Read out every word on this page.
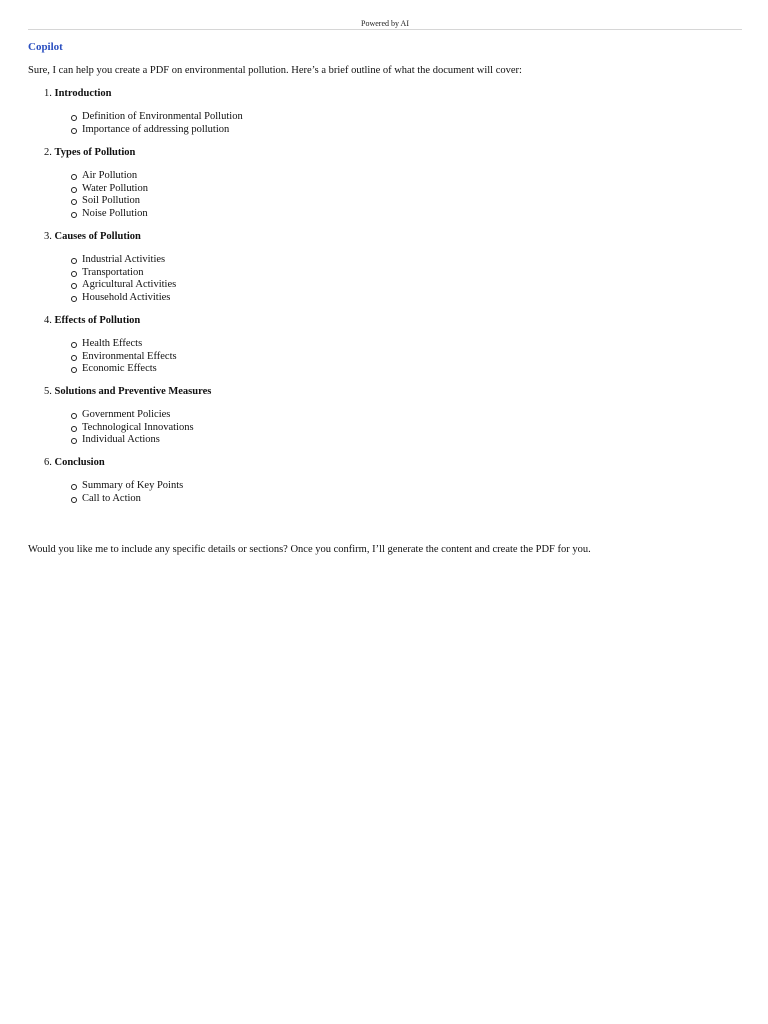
Powered by AI
Copilot
Sure, I can help you create a PDF on environmental pollution. Here’s a brief outline of what the document will cover:
1. Introduction
Definition of Environmental Pollution
Importance of addressing pollution
2. Types of Pollution
Air Pollution
Water Pollution
Soil Pollution
Noise Pollution
3. Causes of Pollution
Industrial Activities
Transportation
Agricultural Activities
Household Activities
4. Effects of Pollution
Health Effects
Environmental Effects
Economic Effects
5. Solutions and Preventive Measures
Government Policies
Technological Innovations
Individual Actions
6. Conclusion
Summary of Key Points
Call to Action
Would you like me to include any specific details or sections? Once you confirm, I’ll generate the content and create the PDF for you.
